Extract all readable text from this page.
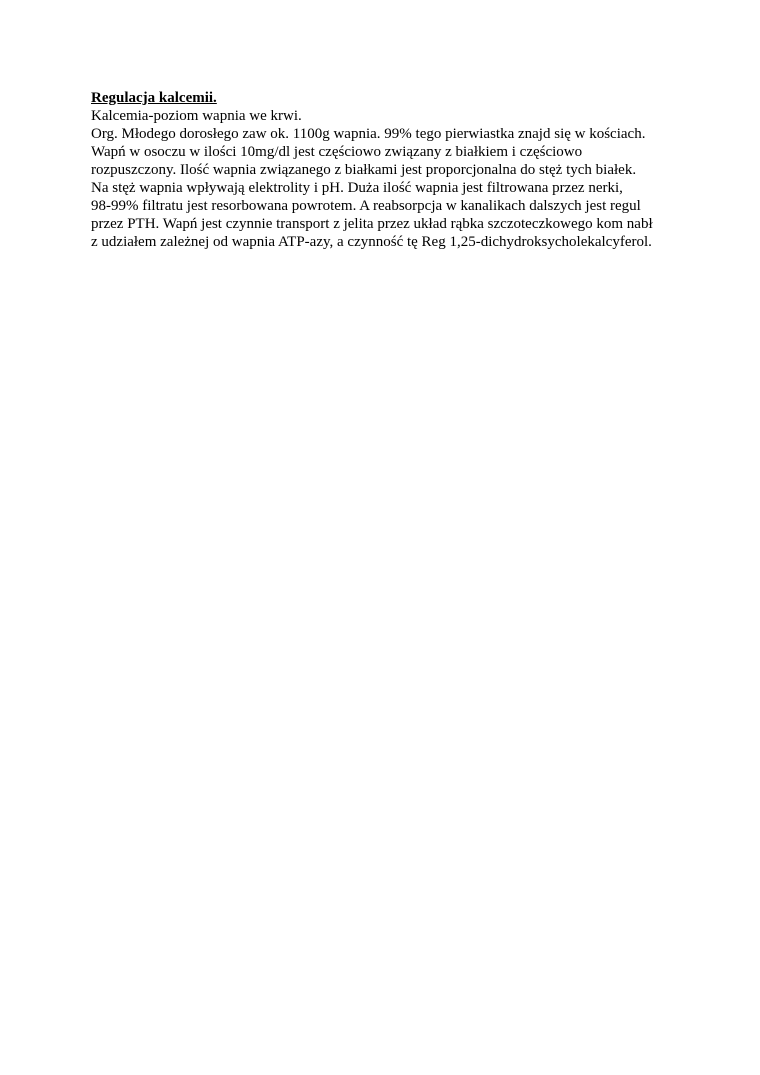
Regulacja kalcemii.
Kalcemia-poziom wapnia we krwi.
Org. Młodego dorosłego zaw ok. 1100g wapnia. 99% tego pierwiastka znajd się w kościach.
Wapń w osoczu w ilości 10mg/dl jest częściowo związany z białkiem i częściowo
rozpuszczony. Ilość wapnia związanego z białkami jest proporcjonalna do stęż tych białek.
Na stęż wapnia wpływają elektrolity i pH. Duża ilość wapnia jest filtrowana przez nerki,
98-99% filtratu jest resorbowana powrotem. A reabsorpcja w kanalikach dalszych jest regul
przez PTH. Wapń jest czynnie transport z jelita przez układ rąbka szczoteczkowego kom nabł
z udziałem zależnej od wapnia ATP-azy, a czynność tę Reg 1,25-dichydroksycholekalcyferol.
